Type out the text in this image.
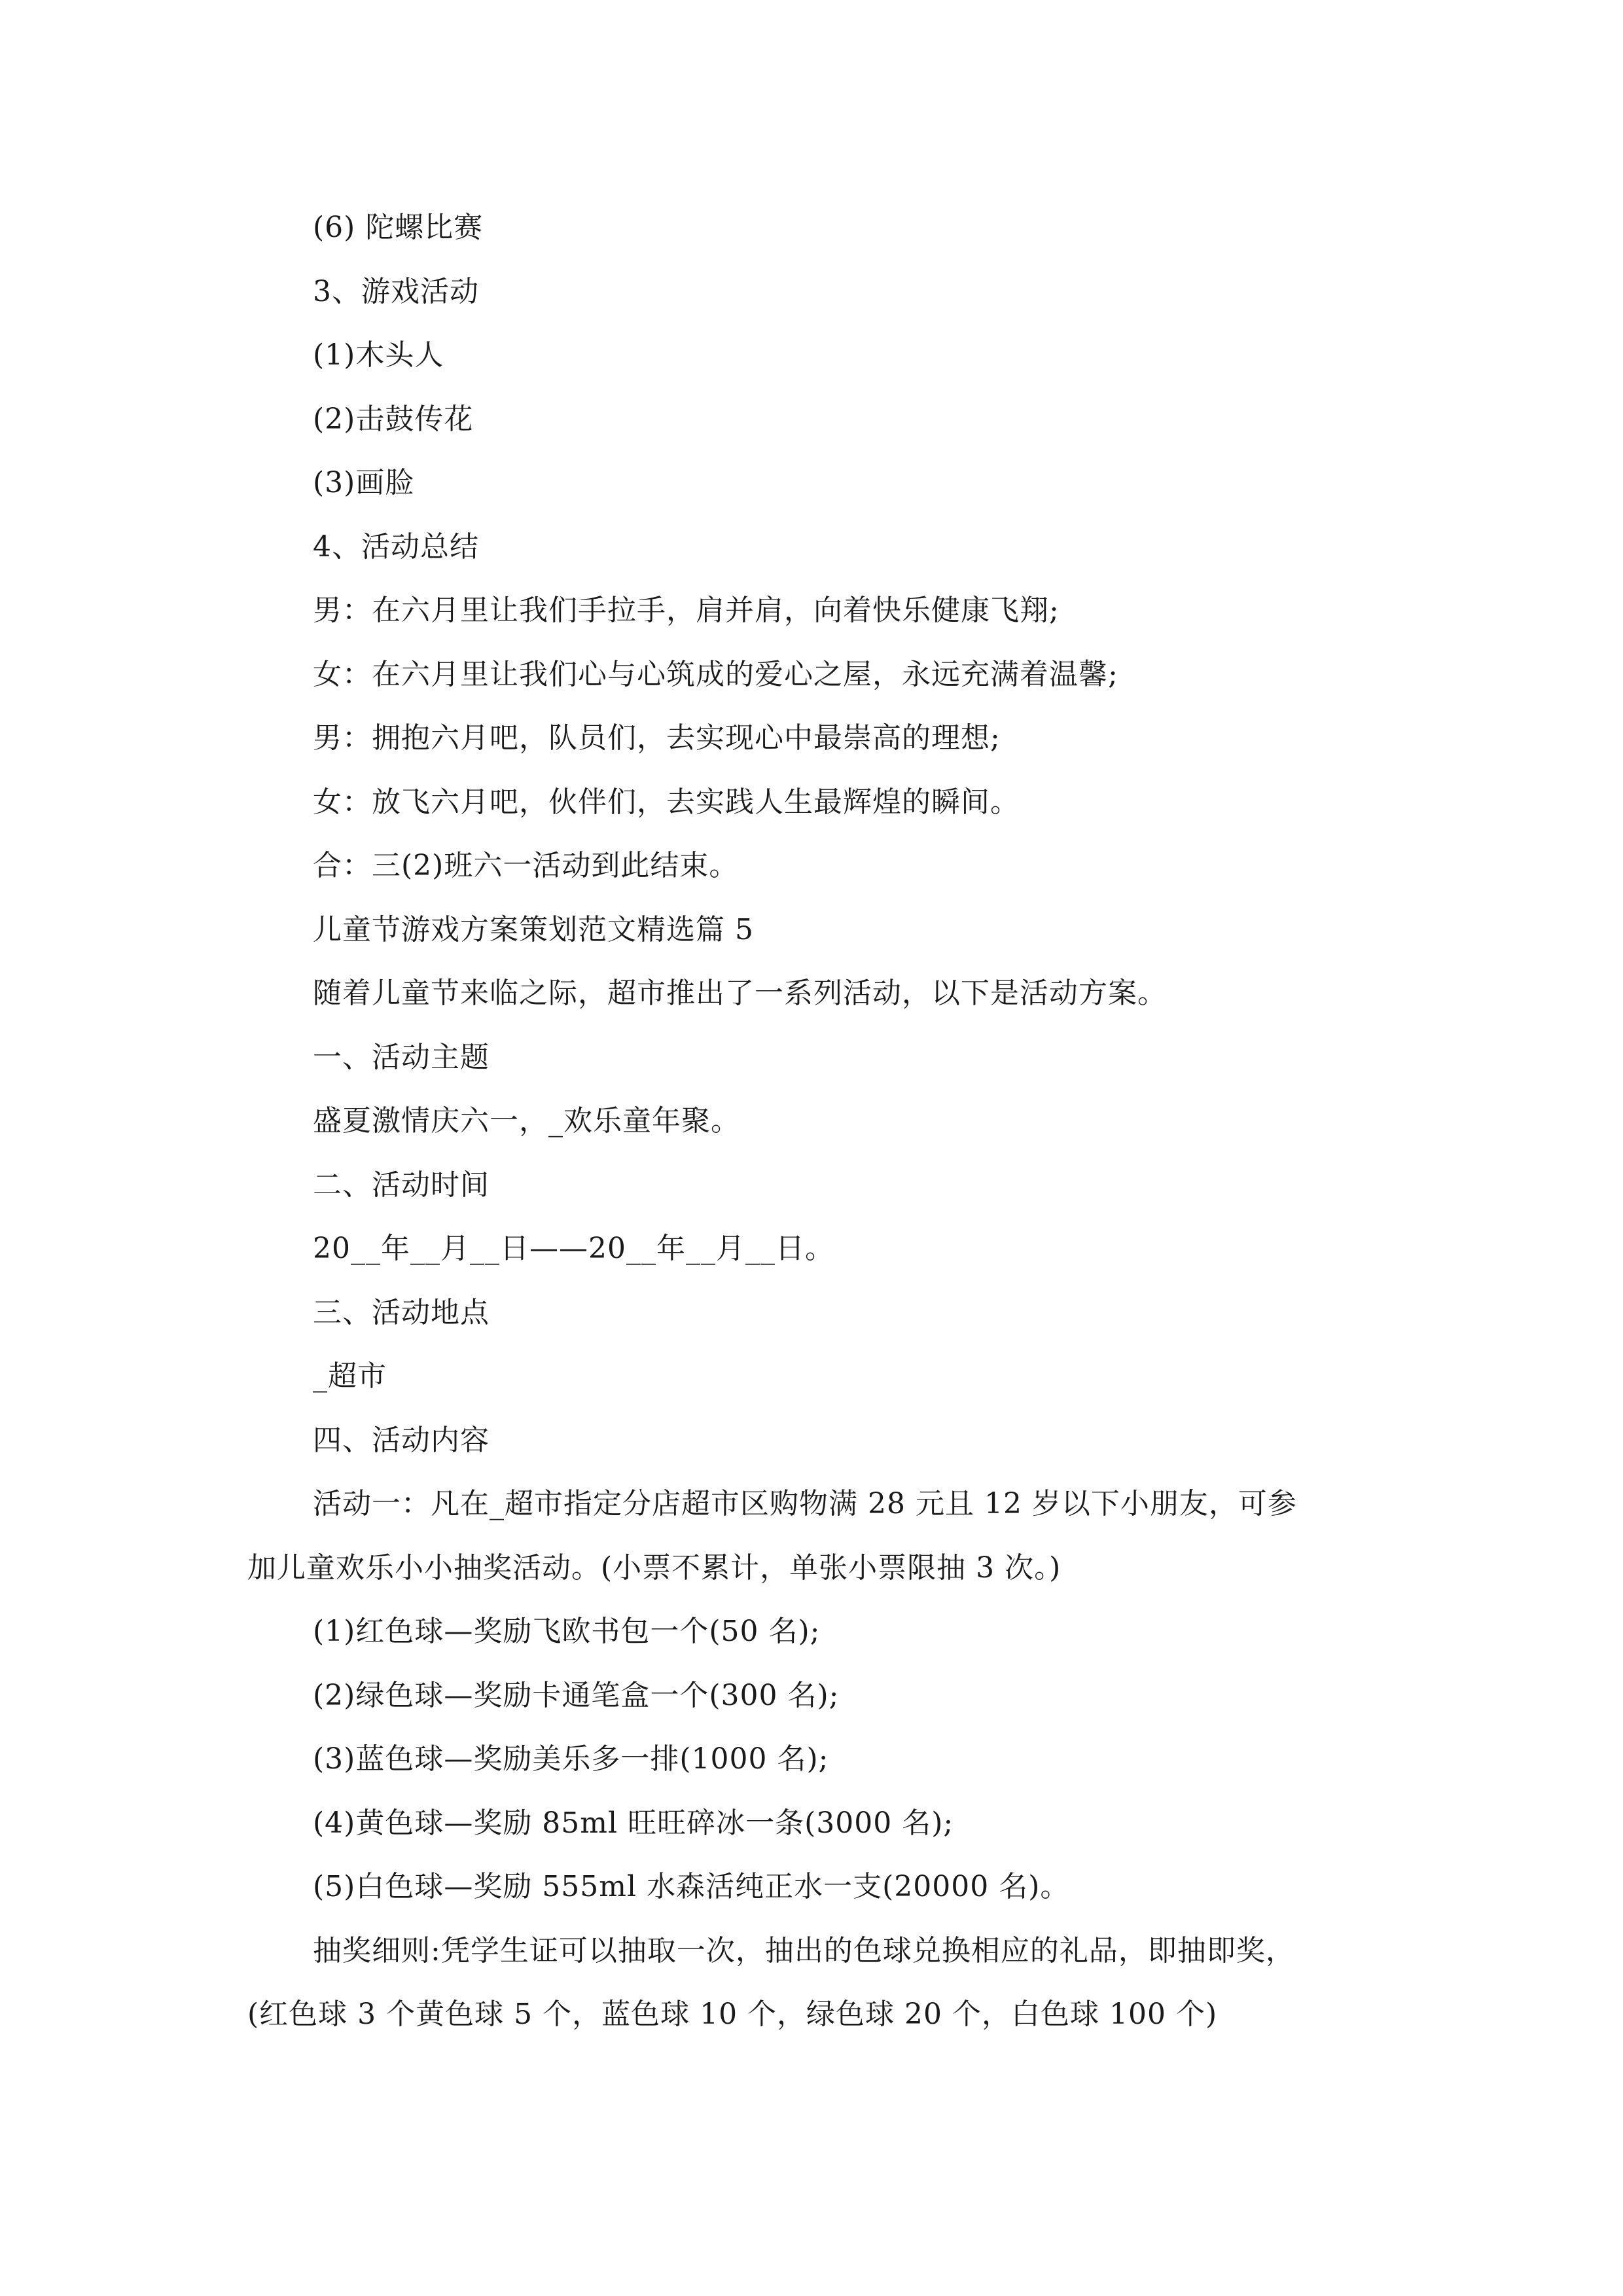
(6) 陀螺比赛
3、游戏活动
(1)木头人
(2)击鼓传花
(3)画脸
4、活动总结
男：在六月里让我们手拉手，肩并肩，向着快乐健康飞翔;
女：在六月里让我们心与心筑成的爱心之屋，永远充满着温馨;
男：拥抱六月吧，队员们，去实现心中最崇高的理想;
女：放飞六月吧，伙伴们，去实践人生最辉煌的瞬间。
合：三(2)班六一活动到此结束。
儿童节游戏方案策划范文精选篇 5
随着儿童节来临之际，超市推出了一系列活动，以下是活动方案。
一、活动主题
盛夏激情庆六一，_欢乐童年聚。
二、活动时间
20__年__月__日——20__年__月__日。
三、活动地点
_超市
四、活动内容
活动一：凡在_超市指定分店超市区购物满 28 元且 12 岁以下小朋友，可参
加儿童欢乐小小抽奖活动。(小票不累计，单张小票限抽 3 次。)
(1)红色球—奖励飞欧书包一个(50 名);
(2)绿色球—奖励卡通笔盒一个(300 名);
(3)蓝色球—奖励美乐多一排(1000 名);
(4)黄色球—奖励 85ml 旺旺碎冰一条(3000 名);
(5)白色球—奖励 555ml 水森活纯正水一支(20000 名)。
抽奖细则:凭学生证可以抽取一次，抽出的色球兑换相应的礼品，即抽即奖，
(红色球 3 个黄色球 5 个，蓝色球 10 个，绿色球 20 个，白色球 100 个)
